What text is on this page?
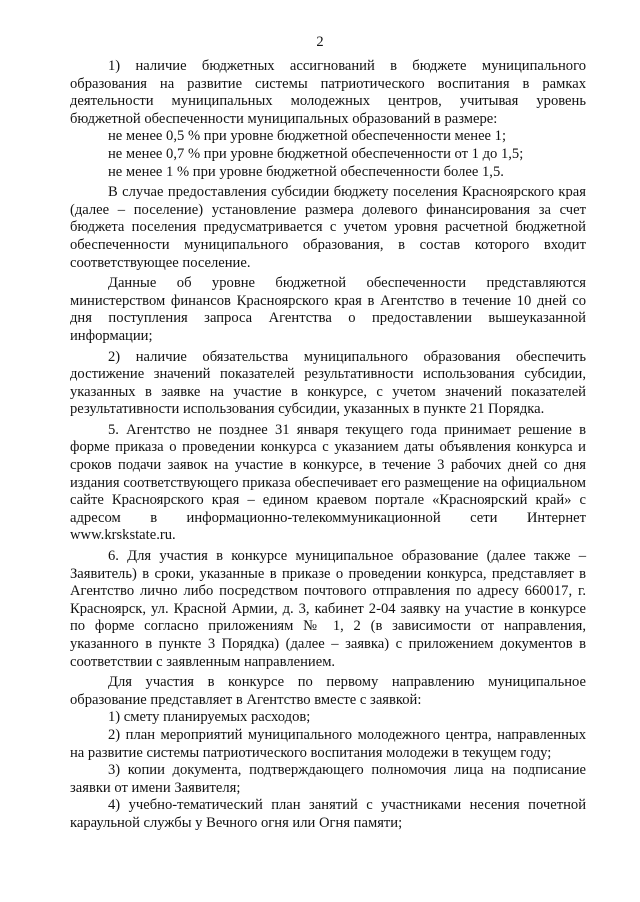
2

1) наличие бюджетных ассигнований в бюджете муниципального образования на развитие системы патриотического воспитания в рамках деятельности муниципальных молодежных центров, учитывая уровень бюджетной обеспеченности муниципальных образований в размере:

не менее 0,5 % при уровне бюджетной обеспеченности менее 1;

не менее 0,7 % при уровне бюджетной обеспеченности от 1 до 1,5;

не менее 1 % при уровне бюджетной обеспеченности более 1,5.

В случае предоставления субсидии бюджету поселения Красноярского края (далее – поселение) установление размера долевого финансирования за счет бюджета поселения предусматривается с учетом уровня расчетной бюджетной обеспеченности муниципального образования, в состав которого входит соответствующее поселение.

Данные об уровне бюджетной обеспеченности представляются министерством финансов Красноярского края в Агентство в течение 10 дней со дня поступления запроса Агентства о предоставлении вышеуказанной информации;

2) наличие обязательства муниципального образования обеспечить достижение значений показателей результативности использования субсидии, указанных в заявке на участие в конкурсе, с учетом значений показателей результативности использования субсидии, указанных в пункте 21 Порядка.

5. Агентство не позднее 31 января текущего года принимает решение в форме приказа о проведении конкурса с указанием даты объявления конкурса и сроков подачи заявок на участие в конкурсе, в течение 3 рабочих дней со дня издания соответствующего приказа обеспечивает его размещение на официальном сайте Красноярского края – едином краевом портале «Красноярский край» с адресом в информационно-телекоммуникационной сети Интернет www.krskstate.ru.

6. Для участия в конкурсе муниципальное образование (далее также – Заявитель) в сроки, указанные в приказе о проведении конкурса, представляет в Агентство лично либо посредством почтового отправления по адресу 660017, г. Красноярск, ул. Красной Армии, д. 3, кабинет 2-04 заявку на участие в конкурсе по форме согласно приложениям № 1, 2 (в зависимости от направления, указанного в пункте 3 Порядка) (далее – заявка) с приложением документов в соответствии с заявленным направлением.

Для участия в конкурсе по первому направлению муниципальное образование представляет в Агентство вместе с заявкой:

1) смету планируемых расходов;

2) план мероприятий муниципального молодежного центра, направленных на развитие системы патриотического воспитания молодежи в текущем году;

3) копии документа, подтверждающего полномочия лица на подписание заявки от имени Заявителя;

4) учебно-тематический план занятий с участниками несения почетной караульной службы у Вечного огня или Огня памяти;
